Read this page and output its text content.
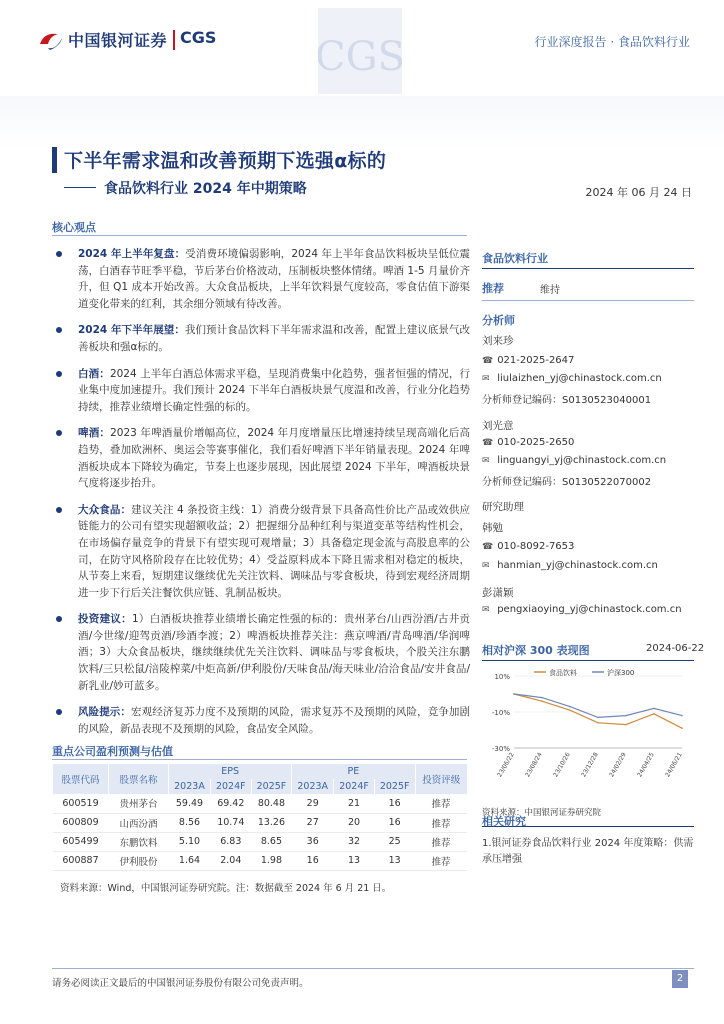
中国银河证券 CGS CGS	行业深度报告 · 食品饮料行业
下半年需求温和改善预期下选强α标的
食品饮料行业 2024 年中期策略	2024 年 06 月 24 日
核心观点
2024 年上半年复盘：受消费环境偏弱影响，2024 年上半年食品饮料板块呈低位震荡，白酒春节旺季平稳，节后茅台价格波动，压制板块整体情绪。啤酒 1-5 月量价齐升，但 Q1 成本开始改善。大众食品板块，上半年饮料景气度较高，零食估值下游渠道变化带来的红利，其余细分领域有待改善。
2024 年下半年展望：我们预计食品饮料下半年需求温和改善，配置上建议底景气改善板块和强α标的。
白酒：2024 上半年白酒总体需求平稳，呈现消费集中化趋势，强者恒强的情况，行业集中度加速提升。我们预计 2024 下半年白酒板块景气度温和改善，行业分化趋势持续，推荐业绩增长确定性强的标的。
啤酒：2023 年啤酒量价增幅高位，2024 年月度增量压比增速持续呈现高端化后高趋势，叠加欧洲杯、奥运会等赛事催化，我们看好啤酒下半年销量表现。2024 年啤酒板块成本下降较为确定，节奏上也逐步展现，因此展望 2024 下半年，啤酒板块景气度将逐步抬升。
大众食品：建议关注 4 条投资主线：1）消费分级背景下具备高性价比产品或效供应链能力的公司有望实现超额收益；2）把握细分品种红利与渠道变革等结构性机会，在市场偏存量竞争的背景下有望实现可观增量；3）具备稳定现金流与高股息率的公司，在防守风格阶段存在比较优势；4）受益原料成本下降且需求相对稳定的板块，从节奏上来看，短期建议继续优先关注饮料、调味品与零食板块，待到宏观经济周期进一步下行后关注餐饮供应链、乳制品板块。
投资建议：1）白酒板块推荐业绩增长确定性强的标的：贵州茅台/山西汾酒/古井贡酒/今世缘/迎驾贡酒/珍酒李渡；2）啤酒板块推荐关注：燕京啤酒/青岛啤酒/华润啤酒；3）大众食品板块，继续继续优先关注饮料、调味品与零食板块，个股关注东鹏饮料/三只松鼠/涪陵榨菜/中炬高新/伊利股份/天味食品/海天味业/洽洽食品/安井食品/新乳业/妙可蓝多。
风险提示：宏观经济复苏力度不及预期的风险，需求复苏不及预期的风险，竞争加剧的风险，新品表现不及预期的风险，食品安全风险。
重点公司盈利预测与估值
股票代码	股票名称	EPS			PE			投资评级
		2023A	2024F	2025F	2023A	2024F	2025F	
600519	贵州茅台	59.49	69.42	80.48	29	21	16	推荐
600809	山西汾酒	8.56	10.74	13.26	27	20	16	推荐
605499	东鹏饮料	5.10	6.83	8.65	36	32	25	推荐
600887	伊利股份	1.64	2.04	1.98	16	13	13	推荐
资料来源：Wind，中国银河证券研究院。注：数据截至 2024 年 6 月 21 日。
食品饮料行业
推荐	维持
分析师
刘来珍
☎ 021-2025-2647
✉ liulaizhen_yj@chinastock.com.cn
分析师登记编码：S0130523040001
刘光意
☎ 010-2025-2650
✉ linguangyi_yj@chinastock.com.cn
分析师登记编码：S0130522070002
研究助理
韩勉
☎ 010-8092-7653
✉ hanmian_yj@chinastock.com.cn
彭潇颖
✉ pengxiaoying_yj@chinastock.com.cn
相对沪深 300 表现图	2024-06-22
10%
-10%
-30%
23/06/22 23/08/24 23/10/26 23/12/28 24/02/29 24/04/25 24/06/21
食品饮料	沪深300
资料来源：中国银河证券研究院
相关研究
1.银河证券食品饮料行业 2024 年度策略：供需承压增强
请务必阅读正文最后的中国银河证券股份有限公司免责声明。	2
